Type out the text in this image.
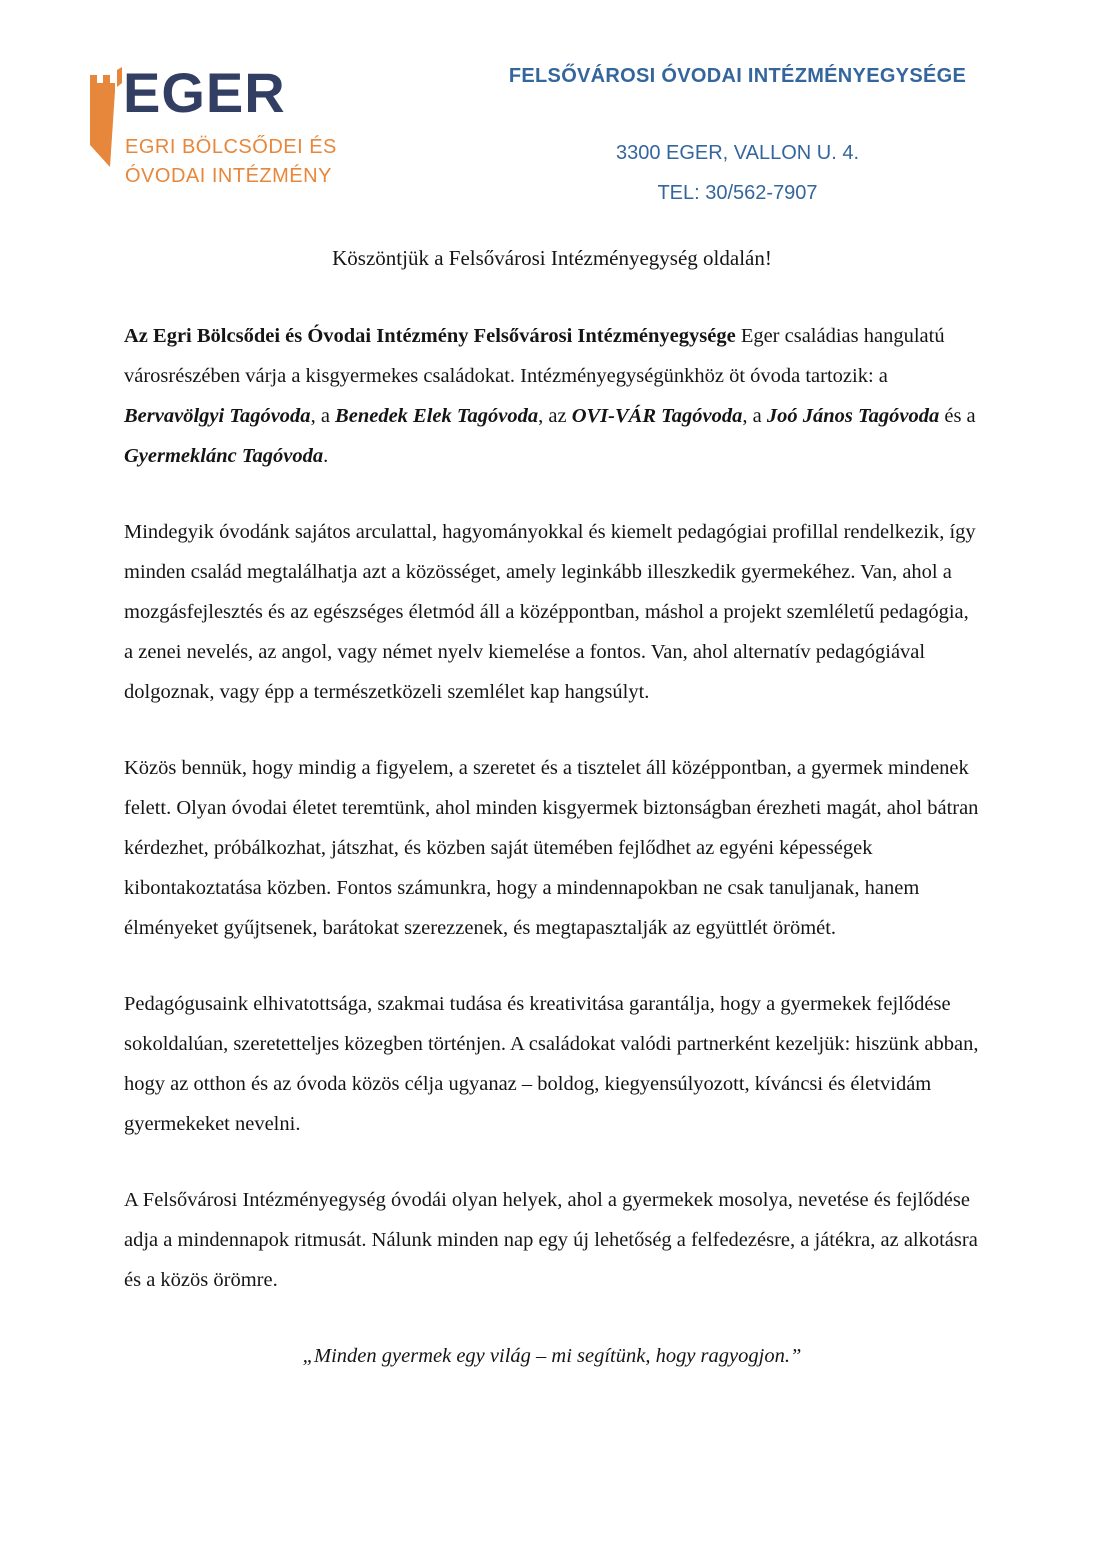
EGER
EGRI BÖLCSŐDEI ÉS
ÓVODAI INTÉZMÉNY
FELSŐVÁROSI ÓVODAI INTÉZMÉNYEGYSÉGE
3300 EGER, VALLON U. 4.
TEL: 30/562-7907
Köszöntjük a Felsővárosi Intézményegység oldalán!

Az Egri Bölcsődei és Óvodai Intézmény Felsővárosi Intézményegysége Eger családias hangulatú városrészében várja a kisgyermekes családokat. Intézményegységünkhöz öt óvoda tartozik: a Bervavölgyi Tagóvoda, a Benedek Elek Tagóvoda, az OVI-VÁR Tagóvoda, a Joó János Tagóvoda és a Gyermeklánc Tagóvoda.

Mindegyik óvodánk sajátos arculattal, hagyományokkal és kiemelt pedagógiai profillal rendelkezik, így minden család megtalálhatja azt a közösséget, amely leginkább illeszkedik gyermekéhez. Van, ahol a mozgásfejlesztés és az egészséges életmód áll a középpontban, máshol a projekt szemléletű pedagógia, a zenei nevelés, az angol, vagy német nyelv kiemelése a fontos. Van, ahol alternatív pedagógiával dolgoznak, vagy épp a természetközeli szemlélet kap hangsúlyt.

Közös bennük, hogy mindig a figyelem, a szeretet és a tisztelet áll középpontban, a gyermek mindenek felett. Olyan óvodai életet teremtünk, ahol minden kisgyermek biztonságban érezheti magát, ahol bátran kérdezhet, próbálkozhat, játszhat, és közben saját ütemében fejlődhet az egyéni képességek kibontakoztatása közben. Fontos számunkra, hogy a mindennapokban ne csak tanuljanak, hanem élményeket gyűjtsenek, barátokat szerezzenek, és megtapasztalják az együttlét örömét.

Pedagógusaink elhivatottsága, szakmai tudása és kreativitása garantálja, hogy a gyermekek fejlődése sokoldalúan, szeretetteljes közegben történjen. A családokat valódi partnerként kezeljük: hiszünk abban, hogy az otthon és az óvoda közös célja ugyanaz – boldog, kiegyensúlyozott, kíváncsi és életvidám gyermekeket nevelni.

A Felsővárosi Intézményegység óvodái olyan helyek, ahol a gyermekek mosolya, nevetése és fejlődése adja a mindennapok ritmusát. Nálunk minden nap egy új lehetőség a felfedezésre, a játékra, az alkotásra és a közös örömre.

„Minden gyermek egy világ – mi segítünk, hogy ragyogjon.”
